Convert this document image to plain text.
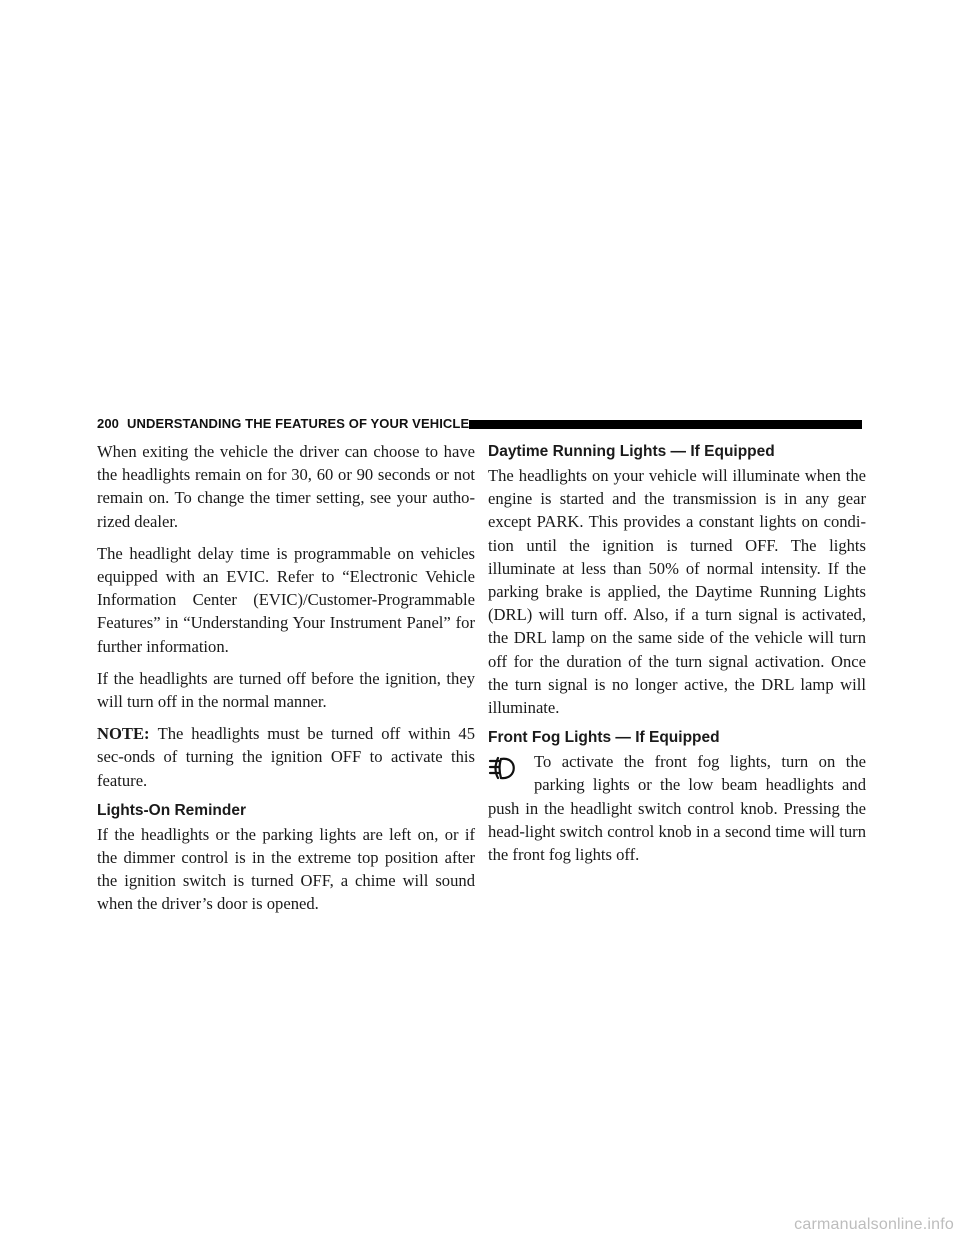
200 UNDERSTANDING THE FEATURES OF YOUR VEHICLE

When exiting the vehicle the driver can choose to have the headlights remain on for 30, 60 or 90 seconds or not remain on. To change the timer setting, see your autho-rized dealer.

The headlight delay time is programmable on vehicles equipped with an EVIC. Refer to “Electronic Vehicle Information Center (EVIC)/Customer-Programmable Features” in “Understanding Your Instrument Panel” for further information.

If the headlights are turned off before the ignition, they will turn off in the normal manner.

NOTE: The headlights must be turned off within 45 sec-onds of turning the ignition OFF to activate this feature.

Lights-On Reminder

If the headlights or the parking lights are left on, or if the dimmer control is in the extreme top position after the ignition switch is turned OFF, a chime will sound when the driver’s door is opened.

Daytime Running Lights — If Equipped

The headlights on your vehicle will illuminate when the engine is started and the transmission is in any gear except PARK. This provides a constant lights on condi-tion until the ignition is turned OFF. The lights illuminate at less than 50% of normal intensity. If the parking brake is applied, the Daytime Running Lights (DRL) will turn off. Also, if a turn signal is activated, the DRL lamp on the same side of the vehicle will turn off for the duration of the turn signal activation. Once the turn signal is no longer active, the DRL lamp will illuminate.

Front Fog Lights — If Equipped

To activate the front fog lights, turn on the parking lights or the low beam headlights and push in the headlight switch control knob. Pressing the head-light switch control knob in a second time will turn the front fog lights off.

carmanualsonline.info
